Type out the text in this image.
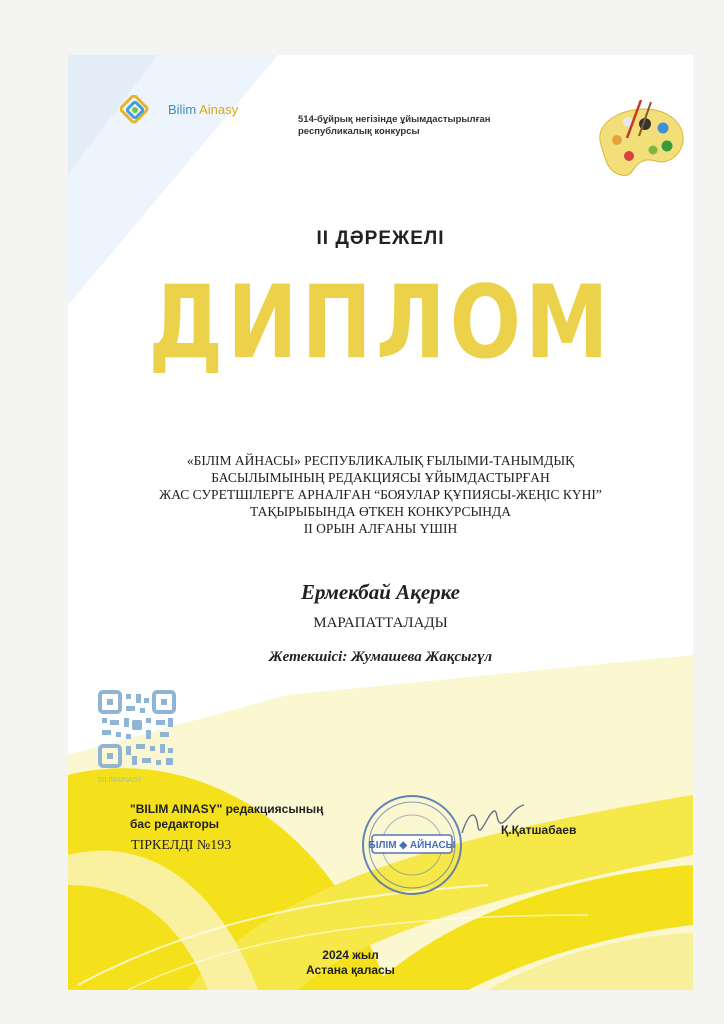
Bilim Ainasy
514-бұйрық негізінде ұйымдастырылған республикалық конкурсы
II ДӘРЕЖЕЛІ
ДИПЛОМ
«БІЛІМ АЙНАСЫ» РЕСПУБЛИКАЛЫҚ ҒЫЛЫМИ-ТАНЫМДЫҚ
БАСЫЛЫМЫНЫҢ РЕДАКЦИЯСЫ ҰЙЫМДАСТЫРҒАН
ЖАС СУРЕТШІЛЕРГЕ АРНАЛҒАН “БОЯУЛАР ҚҰПИЯСЫ-ЖЕҢІС КҮНІ”
ТАҚЫРЫБЫНДА ӨТКЕН КОНКУРСЫНДА
II ОРЫН АЛҒАНЫ ҮШІН
Ермекбай Ақерке
МАРАПАТТАЛАДЫ
Жетекшісі: Жумашева Жақсыгүл
BILIMAINASY
"BILIM AINASY" редакциясының
бас редакторы
ТІРКЕЛДІ №193	БІЛІМ ◆ АЙНАСЫ
Қ.Қатшабаев
2024 жыл
Астана қаласы
